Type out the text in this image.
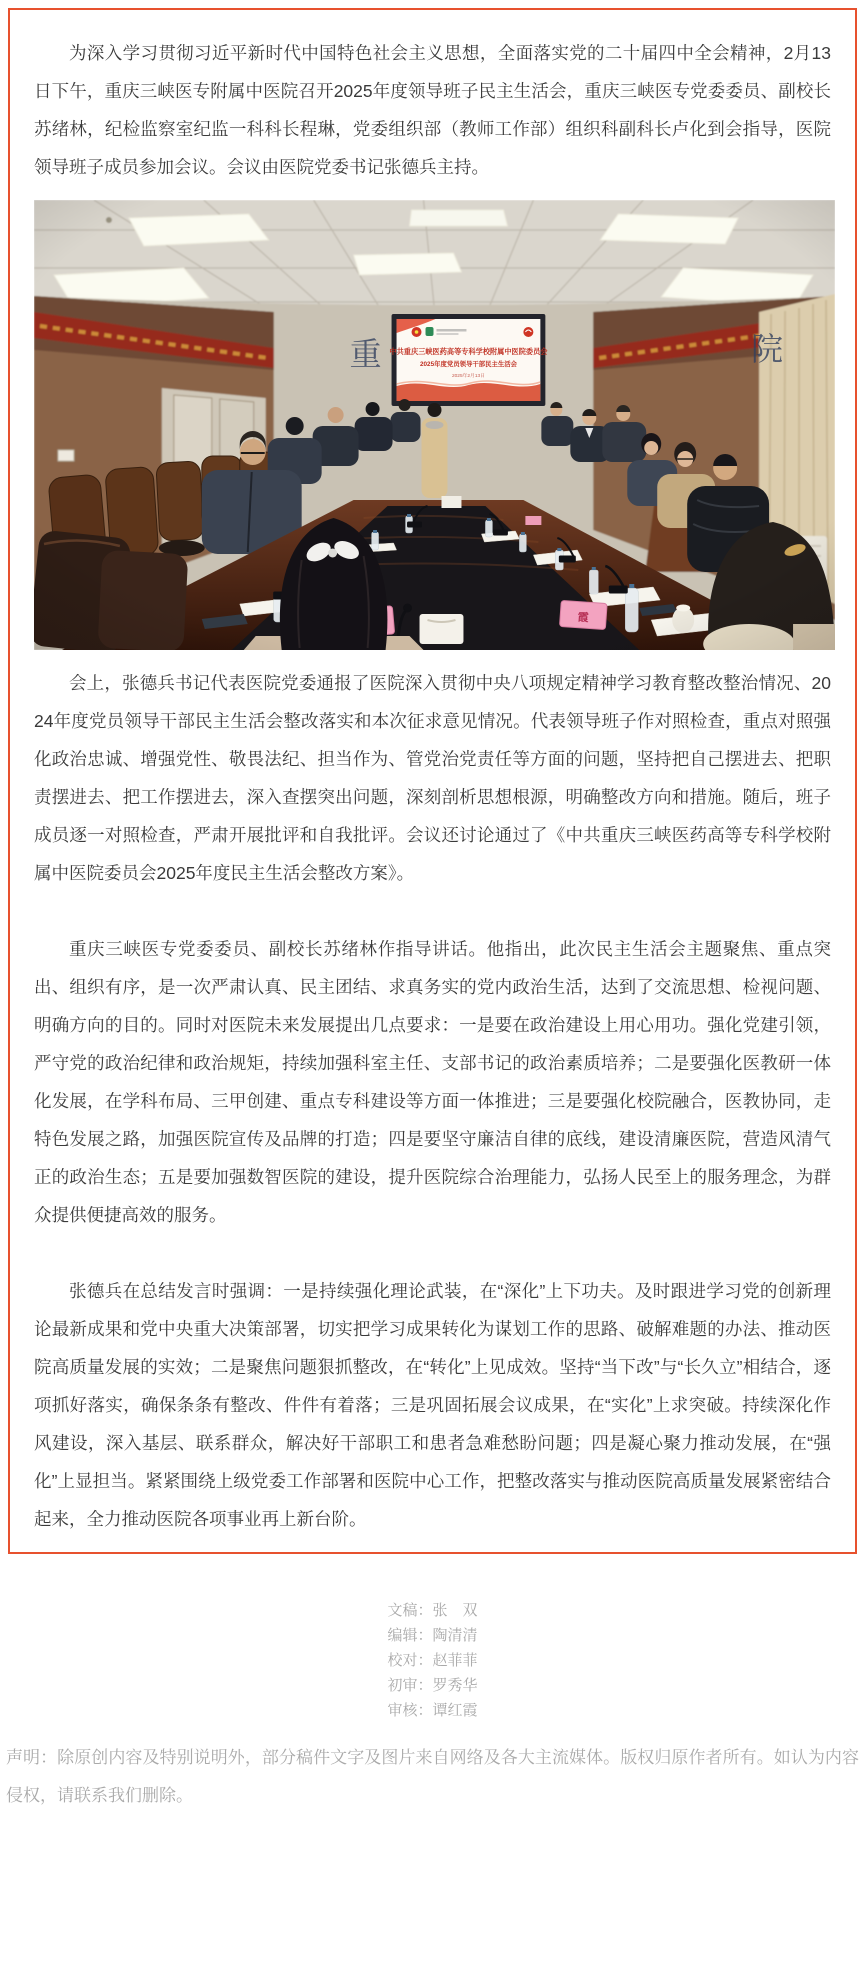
为深入学习贯彻习近平新时代中国特色社会主义思想，全面落实党的二十届四中全会精神，2月13日下午，重庆三峡医专附属中医院召开2025年度领导班子民主生活会，重庆三峡医专党委委员、副校长苏绪林，纪检监察室纪监一科科长程琳，党委组织部（教师工作部）组织科副科长卢化到会指导，医院领导班子成员参加会议。会议由医院党委书记张德兵主持。

会上，张德兵书记代表医院党委通报了医院深入贯彻中央八项规定精神学习教育整改整治情况、2024年度党员领导干部民主生活会整改落实和本次征求意见情况。代表领导班子作对照检查，重点对照强化政治忠诚、增强党性、敬畏法纪、担当作为、管党治党责任等方面的问题，坚持把自己摆进去、把职责摆进去、把工作摆进去，深入查摆突出问题，深刻剖析思想根源，明确整改方向和措施。随后，班子成员逐一对照检查，严肃开展批评和自我批评。会议还讨论通过了《中共重庆三峡医药高等专科学校附属中医院委员会2025年度民主生活会整改方案》。

重庆三峡医专党委委员、副校长苏绪林作指导讲话。他指出，此次民主生活会主题聚焦、重点突出、组织有序，是一次严肃认真、民主团结、求真务实的党内政治生活，达到了交流思想、检视问题、明确方向的目的。同时对医院未来发展提出几点要求：一是要在政治建设上用心用功。强化党建引领，严守党的政治纪律和政治规矩，持续加强科室主任、支部书记的政治素质培养；二是要强化医教研一体化发展，在学科布局、三甲创建、重点专科建设等方面一体推进；三是要强化校院融合，医教协同，走特色发展之路，加强医院宣传及品牌的打造；四是要坚守廉洁自律的底线，建设清廉医院，营造风清气正的政治生态；五是要加强数智医院的建设，提升医院综合治理能力，弘扬人民至上的服务理念，为群众提供便捷高效的服务。

张德兵在总结发言时强调：一是持续强化理论武装，在“深化”上下功夫。及时跟进学习党的创新理论最新成果和党中央重大决策部署，切实把学习成果转化为谋划工作的思路、破解难题的办法、推动医院高质量发展的实效；二是聚焦问题狠抓整改，在“转化”上见成效。坚持“当下改”与“长久立”相结合，逐项抓好落实，确保条条有整改、件件有着落；三是巩固拓展会议成果，在“实化”上求突破。持续深化作风建设，深入基层、联系群众，解决好干部职工和患者急难愁盼问题；四是凝心聚力推动发展，在“强化”上显担当。紧紧围绕上级党委工作部署和医院中心工作，把整改落实与推动医院高质量发展紧密结合起来，全力推动医院各项事业再上新台阶。

文稿：张　双
编辑：陶清清
校对：赵菲菲
初审：罗秀华
审核：谭红霞
声明：除原创内容及特别说明外，部分稿件文字及图片来自网络及各大主流媒体。版权归原作者所有。如认为内容侵权，请联系我们删除。
